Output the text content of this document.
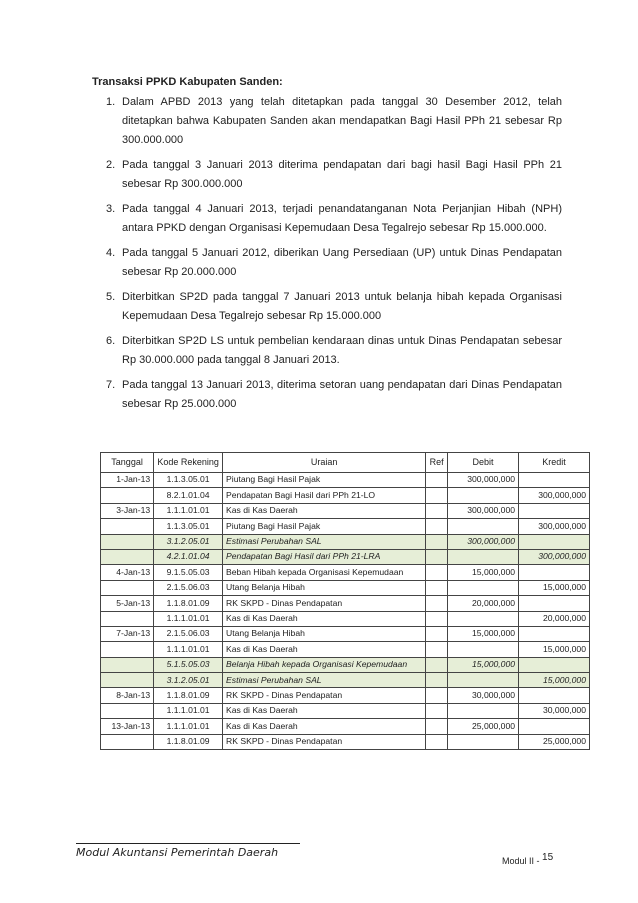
Transaksi PPKD Kabupaten Sanden:
1. Dalam APBD 2013 yang telah ditetapkan pada tanggal 30 Desember 2012, telah ditetapkan bahwa Kabupaten Sanden akan mendapatkan Bagi Hasil PPh 21 sebesar Rp 300.000.000
2. Pada tanggal 3 Januari 2013 diterima pendapatan dari bagi hasil Bagi Hasil PPh 21 sebesar Rp 300.000.000
3. Pada tanggal 4 Januari 2013, terjadi penandatanganan Nota Perjanjian Hibah (NPH) antara PPKD dengan Organisasi Kepemudaan Desa Tegalrejo sebesar Rp 15.000.000.
4. Pada tanggal 5 Januari 2012, diberikan Uang Persediaan (UP) untuk Dinas Pendapatan sebesar Rp 20.000.000
5. Diterbitkan SP2D pada tanggal 7 Januari 2013 untuk belanja hibah kepada Organisasi Kepemudaan Desa Tegalrejo sebesar Rp 15.000.000
6. Diterbitkan SP2D LS untuk pembelian kendaraan dinas untuk Dinas Pendapatan sebesar Rp 30.000.000 pada tanggal 8 Januari 2013.
7. Pada tanggal 13 Januari 2013, diterima setoran uang pendapatan dari Dinas Pendapatan sebesar Rp 25.000.000
Tanggal	Kode Rekening	Uraian	Ref	Debit	Kredit
1-Jan-13	1.1.3.05.01	Piutang Bagi Hasil Pajak		300,000,000	
	8.2.1.01.04	Pendapatan Bagi Hasil dari PPh 21-LO			300,000,000
3-Jan-13	1.1.1.01.01	Kas di Kas Daerah		300,000,000	
	1.1.3.05.01	Piutang Bagi Hasil Pajak			300,000,000
	3.1.2.05.01	Estimasi Perubahan SAL		300,000,000	
	4.2.1.01.04	Pendapatan Bagi Hasil dari PPh 21-LRA			300,000,000
4-Jan-13	9.1.5.05.03	Beban Hibah kepada Organisasi Kepemudaan		15,000,000	
	2.1.5.06.03	Utang Belanja Hibah			15,000,000
5-Jan-13	1.1.8.01.09	RK SKPD - Dinas Pendapatan		20,000,000	
	1.1.1.01.01	Kas di Kas Daerah			20,000,000
7-Jan-13	2.1.5.06.03	Utang Belanja Hibah		15,000,000	
	1.1.1.01.01	Kas di Kas Daerah			15,000,000
	5.1.5.05.03	Belanja Hibah kepada Organisasi Kepemudaan		15,000,000	
	3.1.2.05.01	Estimasi Perubahan SAL			15,000,000
8-Jan-13	1.1.8.01.09	RK SKPD - Dinas Pendapatan		30,000,000	
	1.1.1.01.01	Kas di Kas Daerah			30,000,000
13-Jan-13	1.1.1.01.01	Kas di Kas Daerah		25,000,000	
	1.1.8.01.09	RK SKPD - Dinas Pendapatan			25,000,000
Modul Akuntansi Pemerintah Daerah
Modul II - 15
